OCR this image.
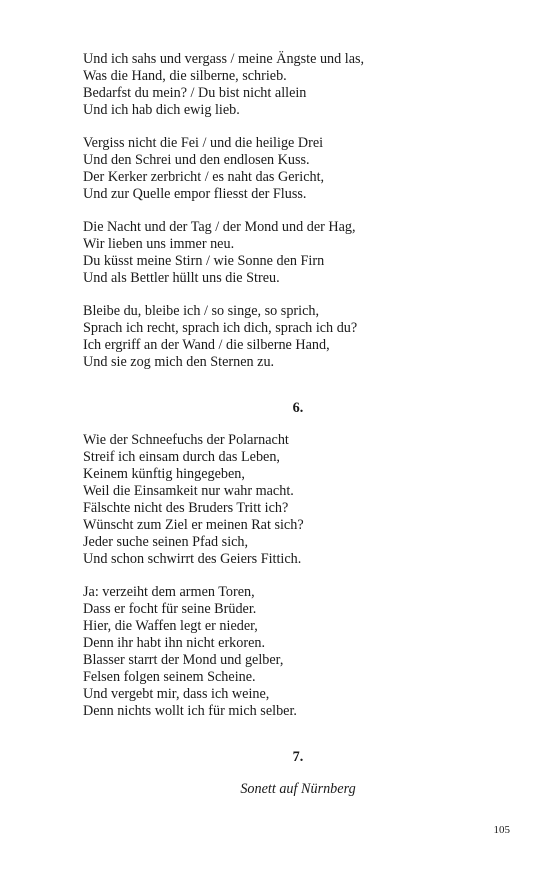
Und ich sahs und vergass / meine Ängste und las,
Was die Hand, die silberne, schrieb.
Bedarfst du mein? / Du bist nicht allein
Und ich hab dich ewig lieb.
Vergiss nicht die Fei / und die heilige Drei
Und den Schrei und den endlosen Kuss.
Der Kerker zerbricht / es naht das Gericht,
Und zur Quelle empor fliesst der Fluss.
Die Nacht und der Tag / der Mond und der Hag,
Wir lieben uns immer neu.
Du küsst meine Stirn / wie Sonne den Firn
Und als Bettler hüllt uns die Streu.
Bleibe du, bleibe ich / so singe, so sprich,
Sprach ich recht, sprach ich dich, sprach ich du?
Ich ergriff an der Wand / die silberne Hand,
Und sie zog mich den Sternen zu.
6.
Wie der Schneefuchs der Polarnacht
Streif ich einsam durch das Leben,
Keinem künftig hingegeben,
Weil die Einsamkeit nur wahr macht.
Fälschte nicht des Bruders Tritt ich?
Wünscht zum Ziel er meinen Rat sich?
Jeder suche seinen Pfad sich,
Und schon schwirrt des Geiers Fittich.
Ja: verzeiht dem armen Toren,
Dass er focht für seine Brüder.
Hier, die Waffen legt er nieder,
Denn ihr habt ihn nicht erkoren.
Blasser starrt der Mond und gelber,
Felsen folgen seinem Scheine.
Und vergebt mir, dass ich weine,
Denn nichts wollt ich für mich selber.
7.
Sonett auf Nürnberg
105
